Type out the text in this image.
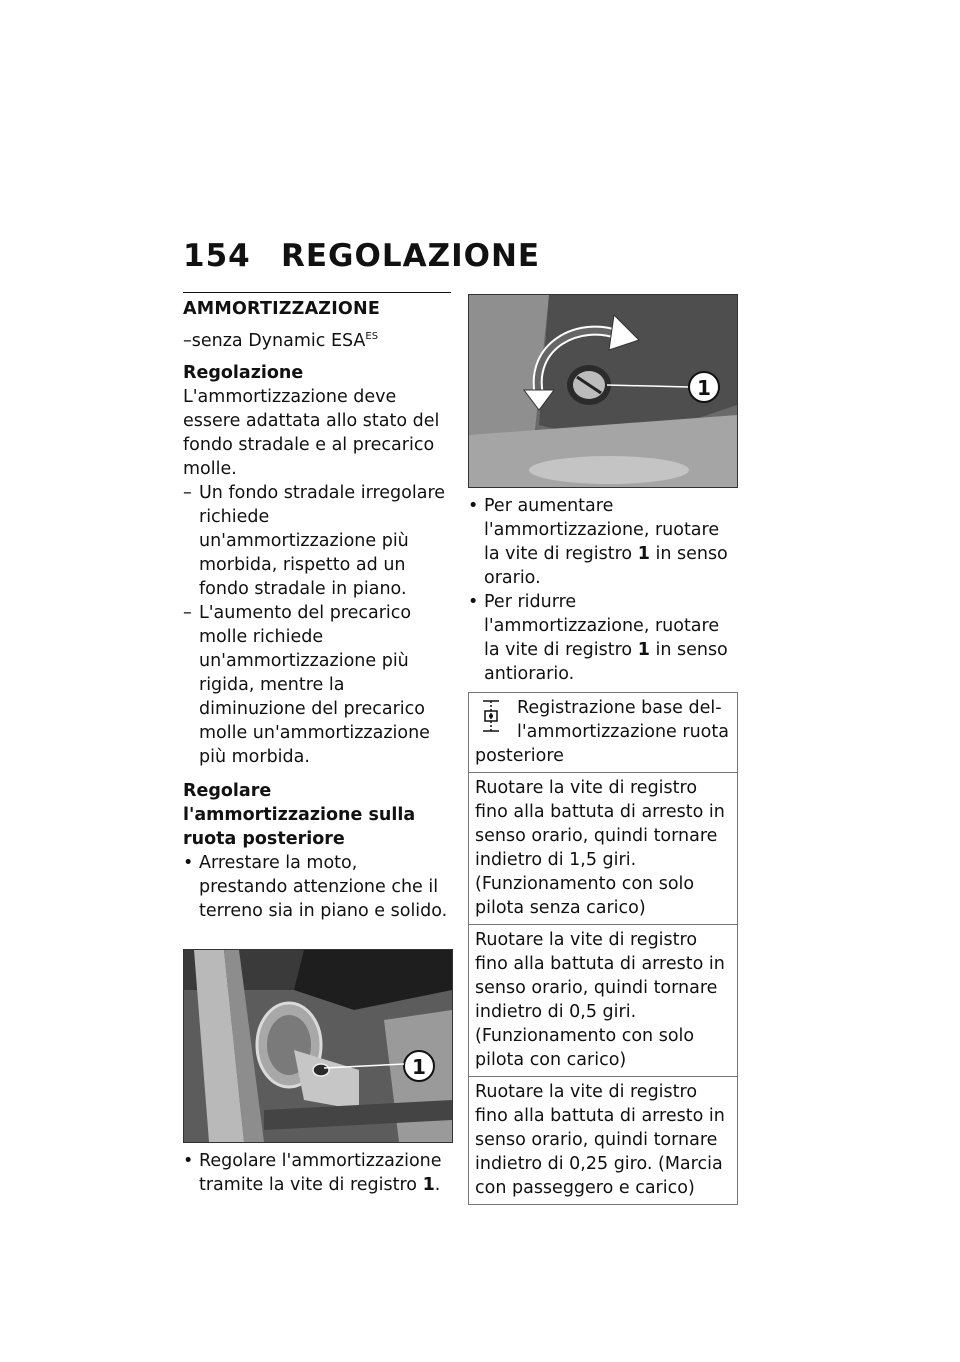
154 REGOLAZIONE
AMMORTIZZAZIONE

–senza Dynamic $ESA^{ES}$

Regolazione

L'ammortizzazione deve essere adattata allo stato del fondo stradale e al precarico molle.

– Un fondo stradale irregolare richiede un'ammortizzazione più morbida, rispetto ad un fondo stradale in piano.

– L'aumento del precarico molle richiede un'ammortizzazione più rigida, mentre la diminuzione del precarico molle un'ammortizzazione più morbida.

Regolare l'ammortizzazione sulla ruota posteriore

• Arrestare la moto, prestando attenzione che il terreno sia in piano e solido.

1

• Regolare l'ammortizzazione tramite la vite di registro 1.

1

• Per aumentare l'ammortizzazione, ruotare la vite di registro 1 in senso orario.

• Per ridurre l'ammortizzazione, ruotare la vite di registro 1 in senso antiorario.

Registrazione base del-
l'ammortizzazione ruota
posteriore
Ruotare la vite di registro fino alla battuta di arresto in senso orario, quindi tornare indietro di 1,5 giri. (Funzionamento con solo pilota senza carico)
Ruotare la vite di registro fino alla battuta di arresto in senso orario, quindi tornare indietro di 0,5 giri. (Funzionamento con solo pilota con carico)
Ruotare la vite di registro fino alla battuta di arresto in senso orario, quindi tornare indietro di 0,25 giro. (Marcia con passeggero e carico)
